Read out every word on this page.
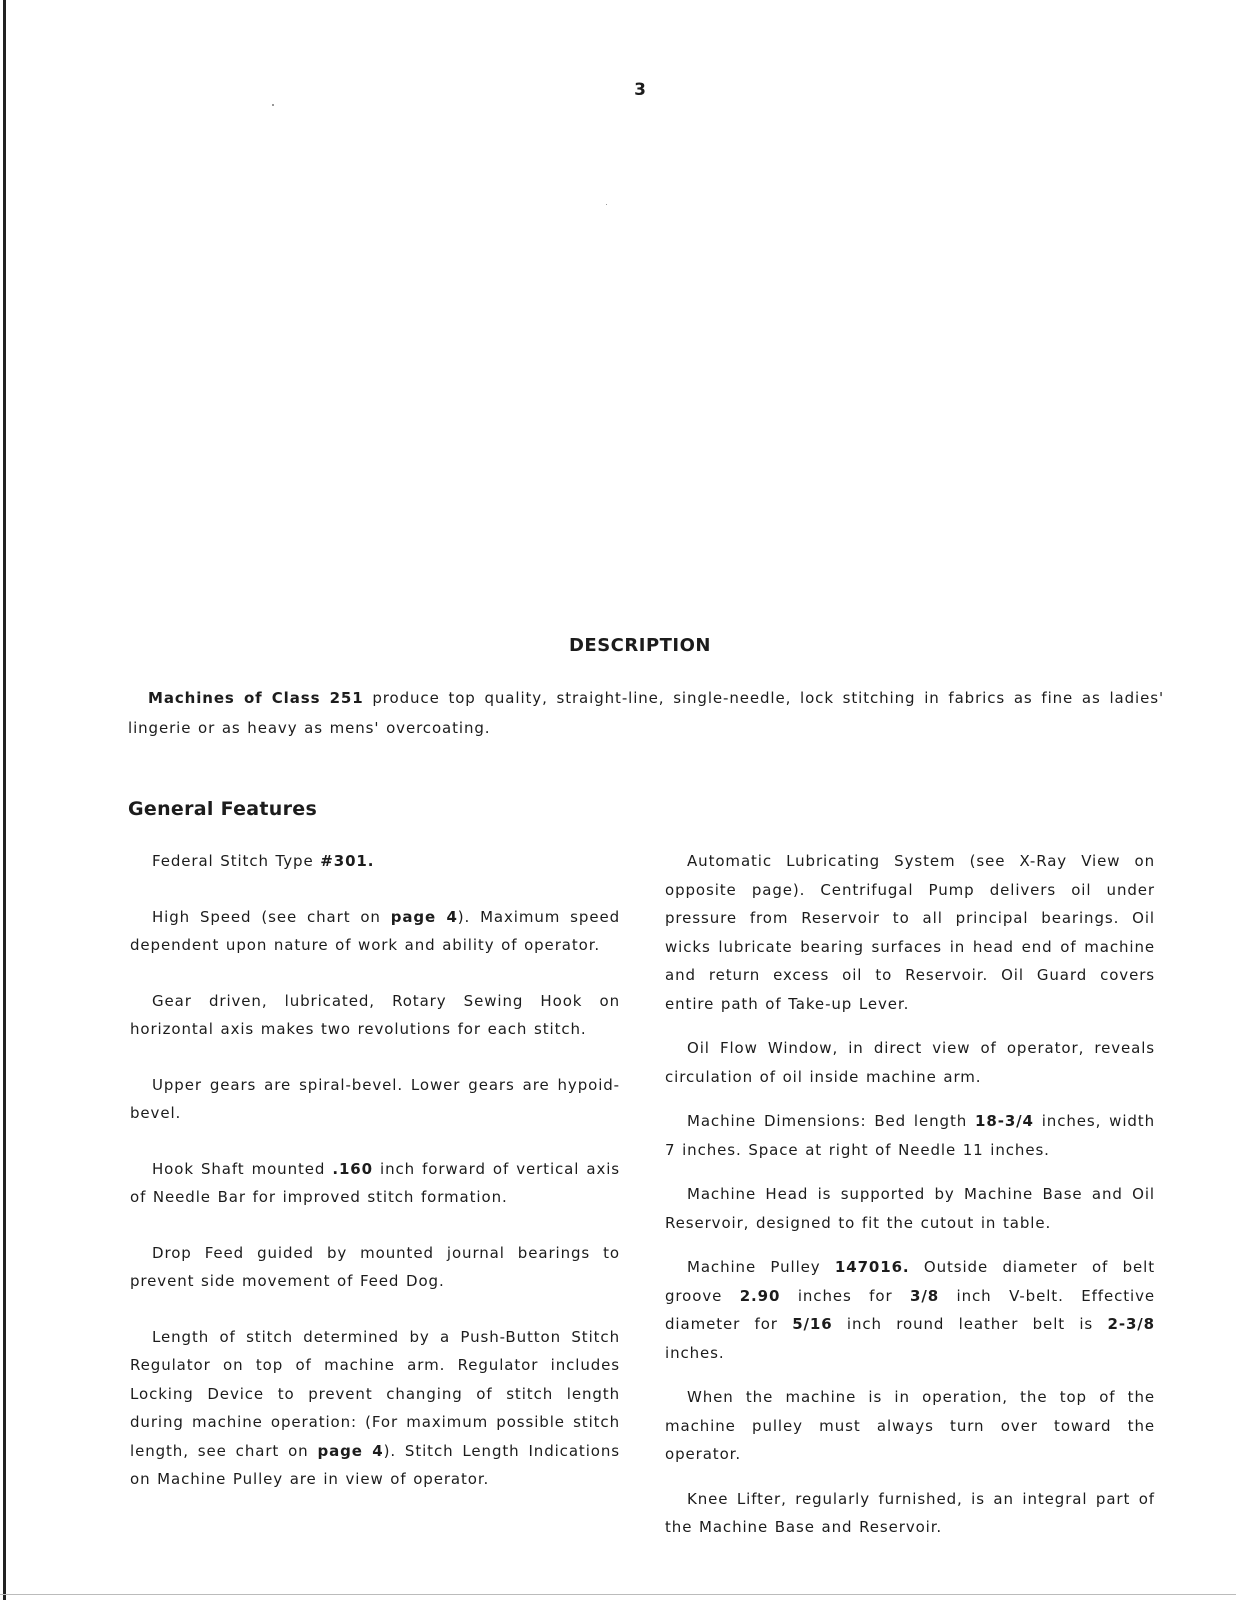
3
DESCRIPTION

Machines of Class 251 produce top quality, straight-line, single-needle, lock stitching in fabrics as fine as ladies' lingerie or as heavy as mens' overcoating.

General Features

Federal Stitch Type #301.

High Speed (see chart on page 4). Maximum speed dependent upon nature of work and ability of operator.

Gear driven, lubricated, Rotary Sewing Hook on horizontal axis makes two revolutions for each stitch.

Upper gears are spiral-bevel. Lower gears are hypoid-bevel.

Hook Shaft mounted .160 inch forward of vertical axis of Needle Bar for improved stitch formation.

Drop Feed guided by mounted journal bearings to prevent side movement of Feed Dog.

Length of stitch determined by a Push-Button Stitch Regulator on top of machine arm. Regulator includes Locking Device to prevent changing of stitch length during machine operation: (For maximum possible stitch length, see chart on page 4). Stitch Length Indications on Machine Pulley are in view of operator.

Automatic Lubricating System (see X-Ray View on opposite page). Centrifugal Pump delivers oil under pressure from Reservoir to all principal bearings. Oil wicks lubricate bearing surfaces in head end of machine and return excess oil to Reservoir. Oil Guard covers entire path of Take-up Lever.

Oil Flow Window, in direct view of operator, reveals circulation of oil inside machine arm.

Machine Dimensions: Bed length 18-3/4 inches, width 7 inches. Space at right of Needle 11 inches.

Machine Head is supported by Machine Base and Oil Reservoir, designed to fit the cutout in table.

Machine Pulley 147016. Outside diameter of belt groove 2.90 inches for 3/8 inch V-belt. Effective diameter for 5/16 inch round leather belt is 2-3/8 inches.

When the machine is in operation, the top of the machine pulley must always turn over toward the operator.

Knee Lifter, regularly furnished, is an integral part of the Machine Base and Reservoir.
